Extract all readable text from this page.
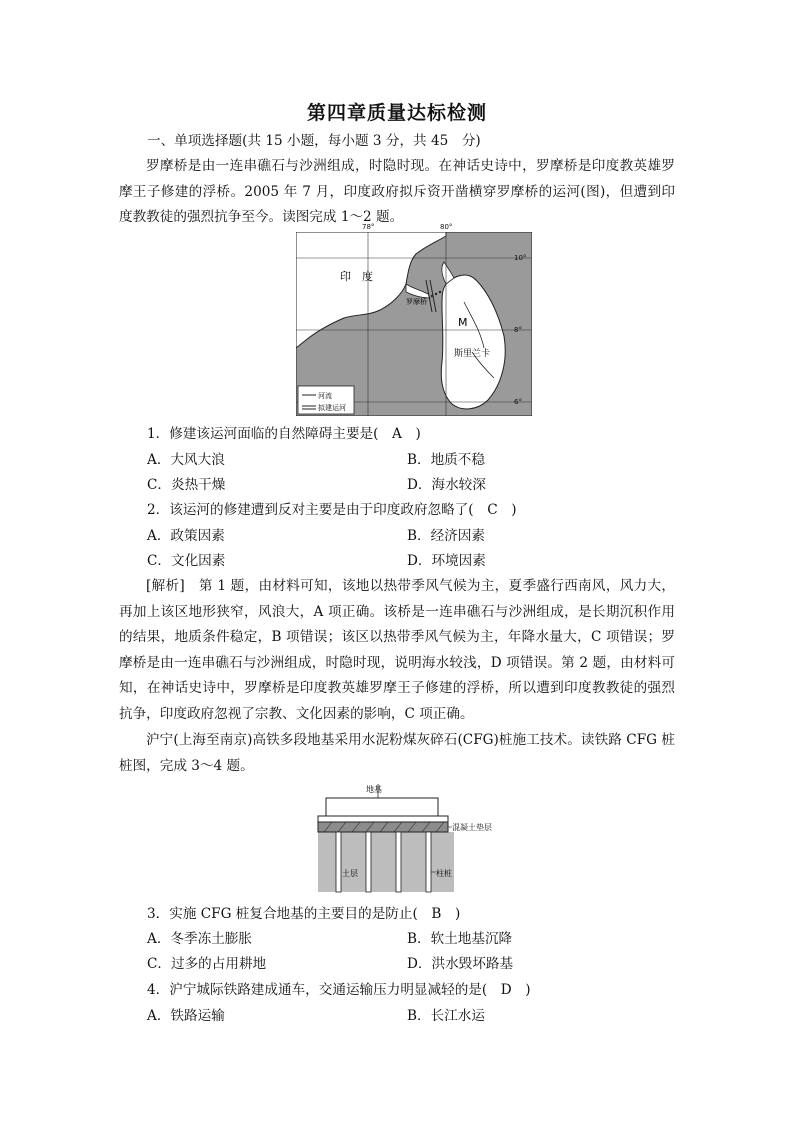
第四章质量达标检测
一、单项选择题(共 15 小题，每小题 3 分，共 45　分)
罗摩桥是由一连串礁石与沙洲组成，时隐时现。在神话史诗中，罗摩桥是印度教英雄罗摩王子修建的浮桥。2005 年 7 月，印度政府拟斥资开凿横穿罗摩桥的运河(图)，但遭到印度教教徒的强烈抗争至今。读图完成 1～2 题。
河流
拟建运河
印　度
罗摩桥
M
斯里兰卡
78°	80°
10°
8°
6°
1．修建该运河面临的自然障碍主要是(　A　)
A．大风大浪	B．地质不稳
C．炎热干燥	D．海水较深
2．该运河的修建遭到反对主要是由于印度政府忽略了(　C　)
A．政策因素	B．经济因素
C．文化因素	D．环境因素
[解析]　第 1 题，由材料可知，该地以热带季风气候为主，夏季盛行西南风，风力大，再加上该区地形狭窄，风浪大，A 项正确。该桥是一连串礁石与沙洲组成，是长期沉积作用的结果，地质条件稳定，B 项错误；该区以热带季风气候为主，年降水量大，C 项错误；罗摩桥是由一连串礁石与沙洲组成，时隐时现，说明海水较浅，D 项错误。第 2 题，由材料可知，在神话史诗中，罗摩桥是印度教英雄罗摩王子修建的浮桥，所以遭到印度教教徒的强烈抗争，印度政府忽视了宗教、文化因素的影响，C 项正确。
沪宁(上海至南京)高铁多段地基采用水泥粉煤灰碎石(CFG)桩施工技术。读铁路 CFG 桩桩图，完成 3～4 题。
地基
土层	柱桩
混凝土垫层
3．实施 CFG 桩复合地基的主要目的是防止(　B　)
A．冬季冻土膨胀	B．软土地基沉降
C．过多的占用耕地	D．洪水毁坏路基
4．沪宁城际铁路建成通车，交通运输压力明显减轻的是(　D　)
A．铁路运输	B．长江水运
